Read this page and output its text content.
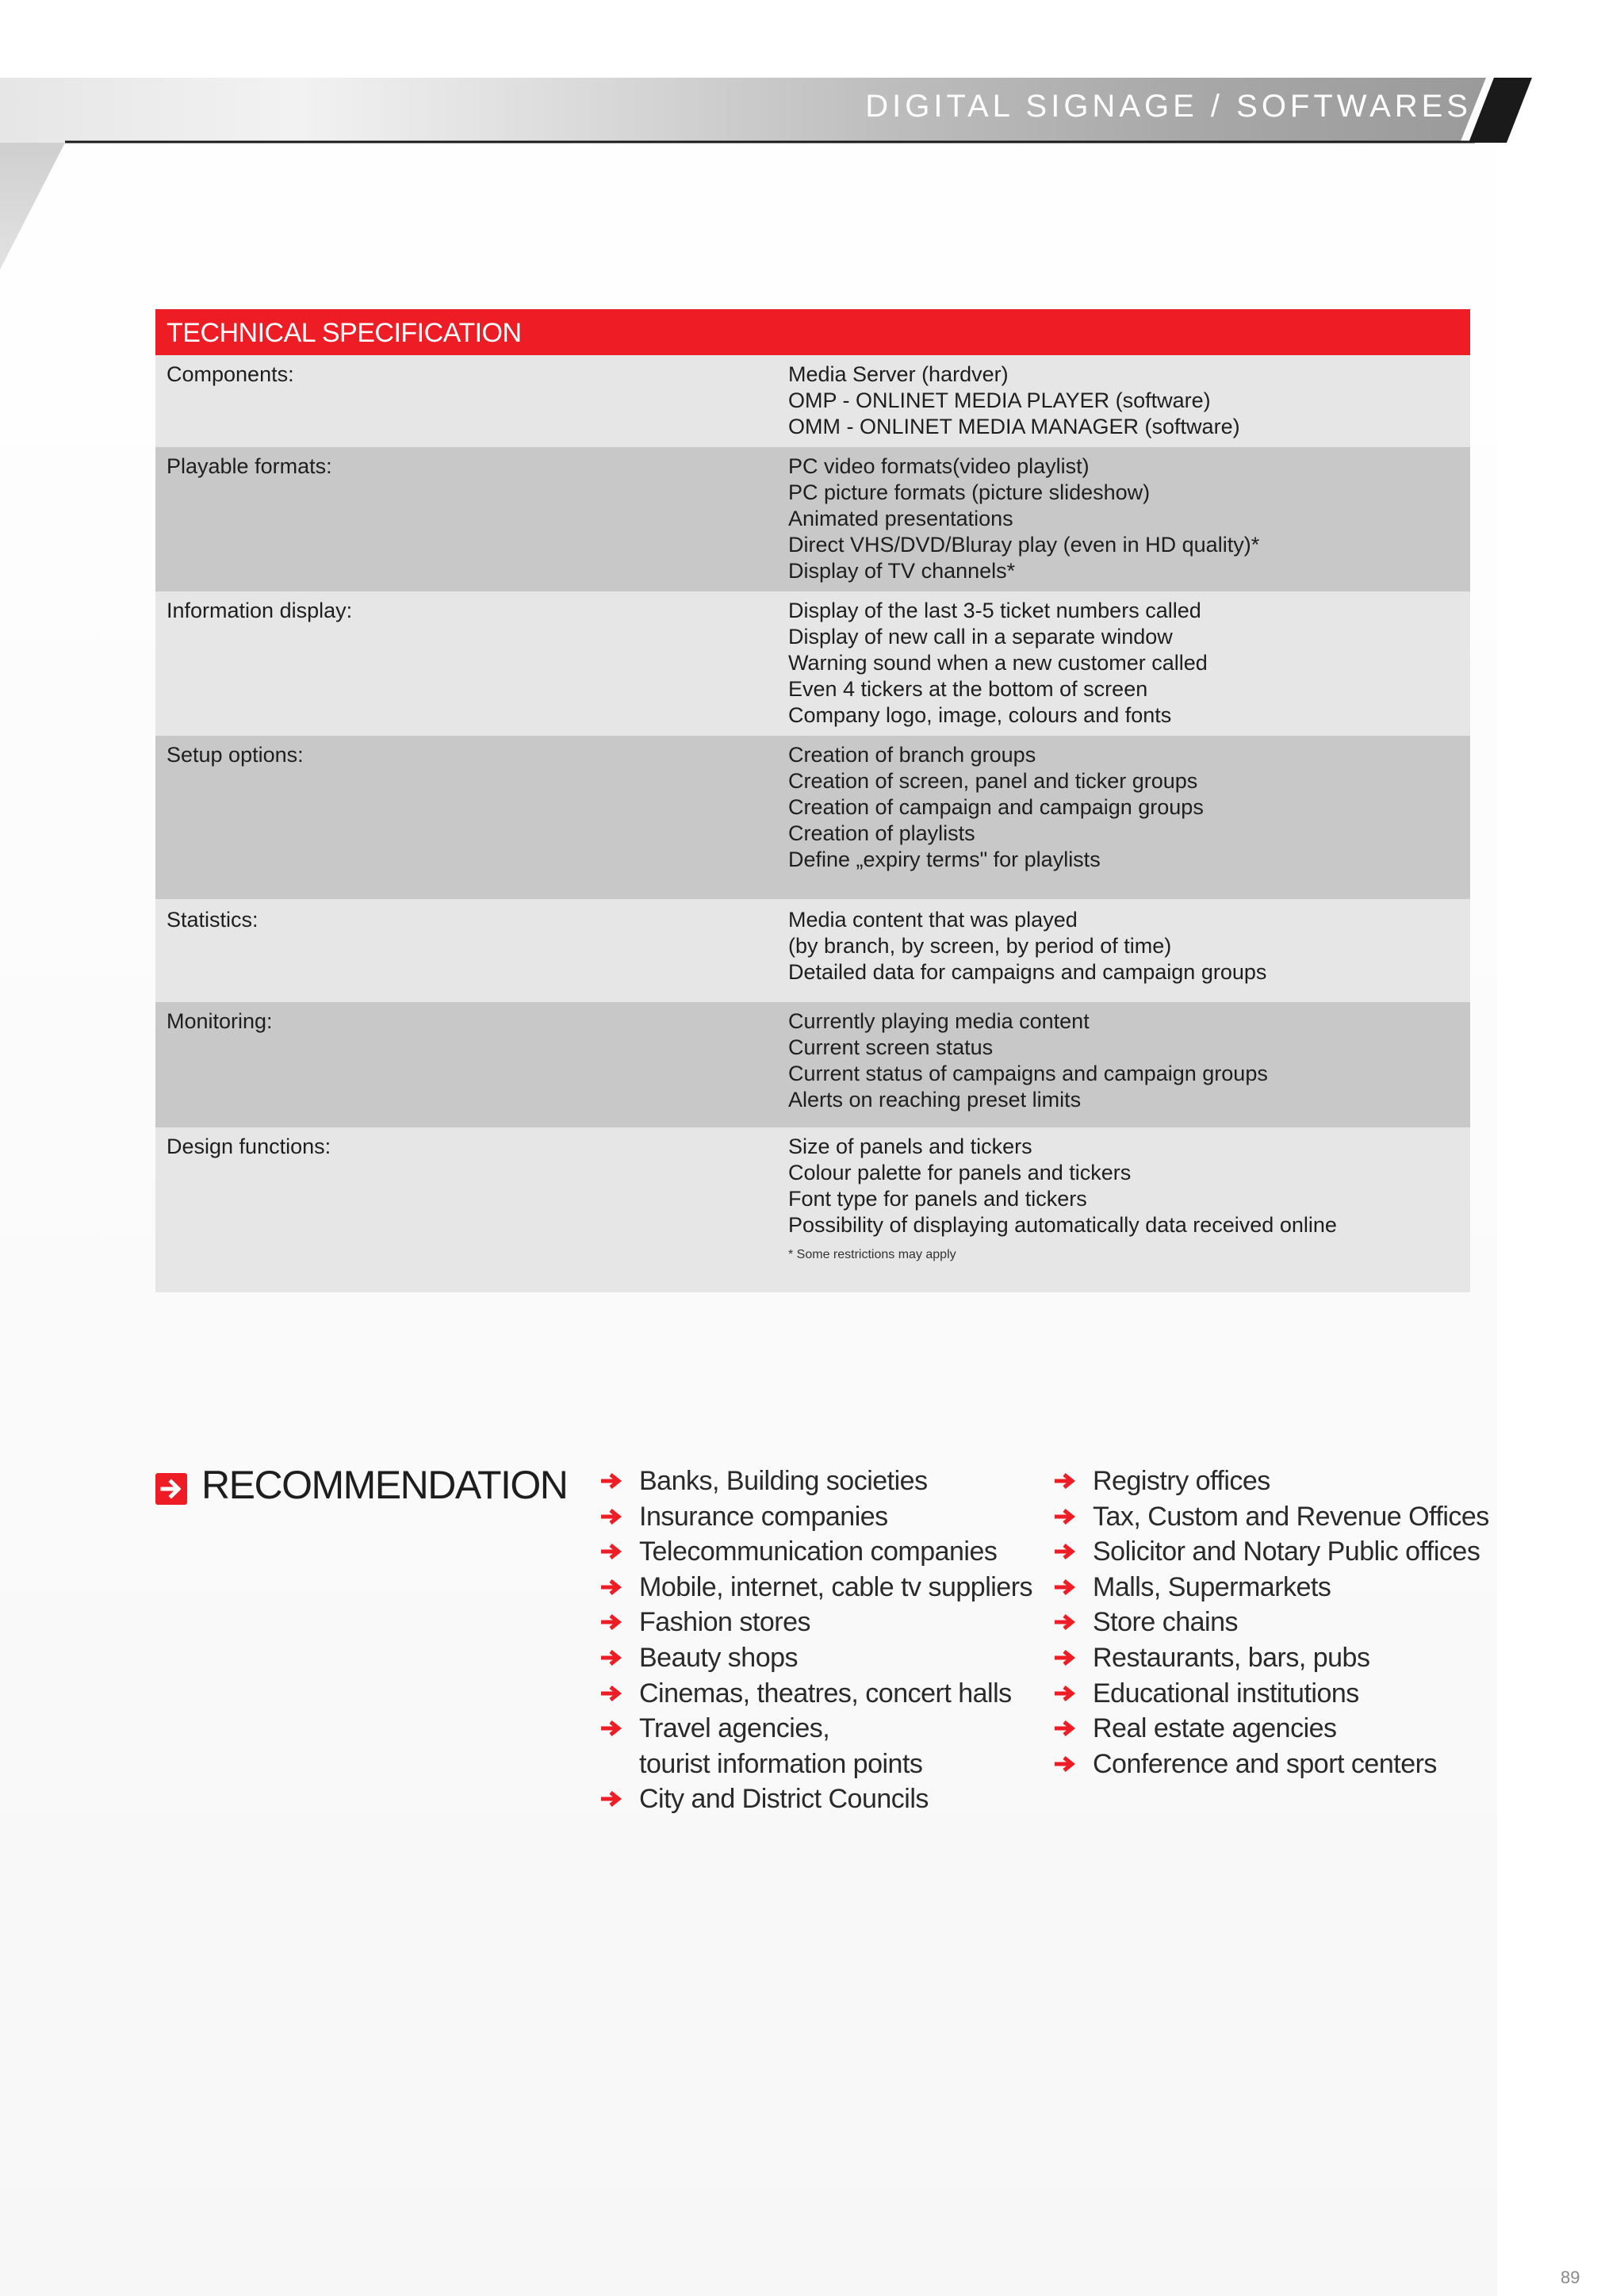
DIGITAL SIGNAGE / SOFTWARES
TECHNICAL SPECIFICATION
Components:	Media Server (hardver)
OMP - ONLINET MEDIA PLAYER (software)
OMM - ONLINET MEDIA MANAGER (software)
Playable formats:	PC video formats(video playlist)
PC picture formats (picture slideshow)
Animated presentations
Direct VHS/DVD/Bluray play (even in HD quality)*
Display of TV channels*
Information display:	Display of the last 3-5 ticket numbers called
Display of new call in a separate window
Warning sound when a new customer called
Even 4 tickers at the bottom of screen
Company logo, image, colours and fonts
Setup options:	Creation of branch groups
Creation of screen, panel and ticker groups
Creation of campaign and campaign groups
Creation of playlists
Define „expiry terms" for playlists
Statistics:	Media content that was played
(by branch, by screen, by period of time)
Detailed data for campaigns and campaign groups
Monitoring:	Currently playing media content
Current screen status
Current status of campaigns and campaign groups
Alerts on reaching preset limits
Design functions:	Size of panels and tickers
Colour palette for panels and tickers
Font type for panels and tickers
Possibility of displaying automatically data received online
* Some restrictions may apply
RECOMMENDATION	Banks, Building societies
Insurance companies
Telecommunication companies
Mobile, internet, cable tv suppliers
Fashion stores
Beauty shops
Cinemas, theatres, concert halls
Travel agencies,
tourist information points
City and District Councils
Registry offices
Tax, Custom and Revenue Offices
Solicitor and Notary Public offices
Malls, Supermarkets
Store chains
Restaurants, bars, pubs
Educational institutions
Real estate agencies
Conference and sport centers
89
